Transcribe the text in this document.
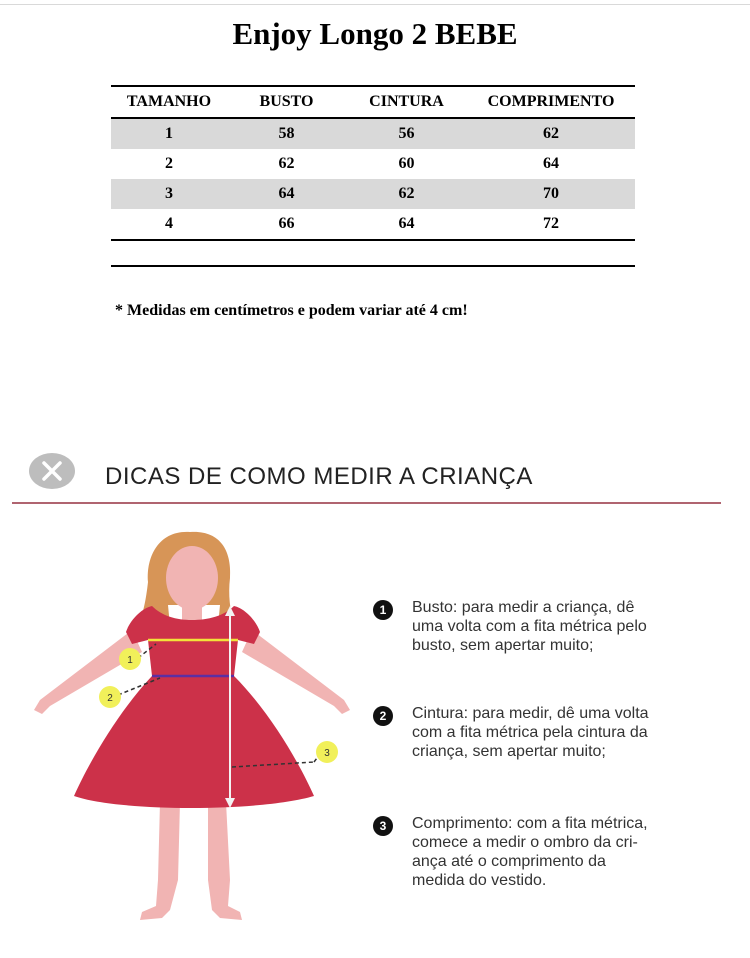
Enjoy Longo 2 BEBE
TAMANHO	BUSTO	CINTURA	COMPRIMENTO
1	58	56	62
2	62	60	64
3	64	62	70
4	66	64	72
* Medidas em centímetros e podem variar até 4 cm!
DICAS DE COMO MEDIR A CRIANÇA
1
2
3
1	Busto: para medir a criança, dê
uma volta com a fita métrica pelo
busto, sem apertar muito;
2	Cintura: para medir, dê uma volta
com a fita métrica pela cintura da
criança, sem apertar muito;
3	Comprimento: com a fita métrica,
comece a medir o ombro da cri-
ança até o comprimento da
medida do vestido.
